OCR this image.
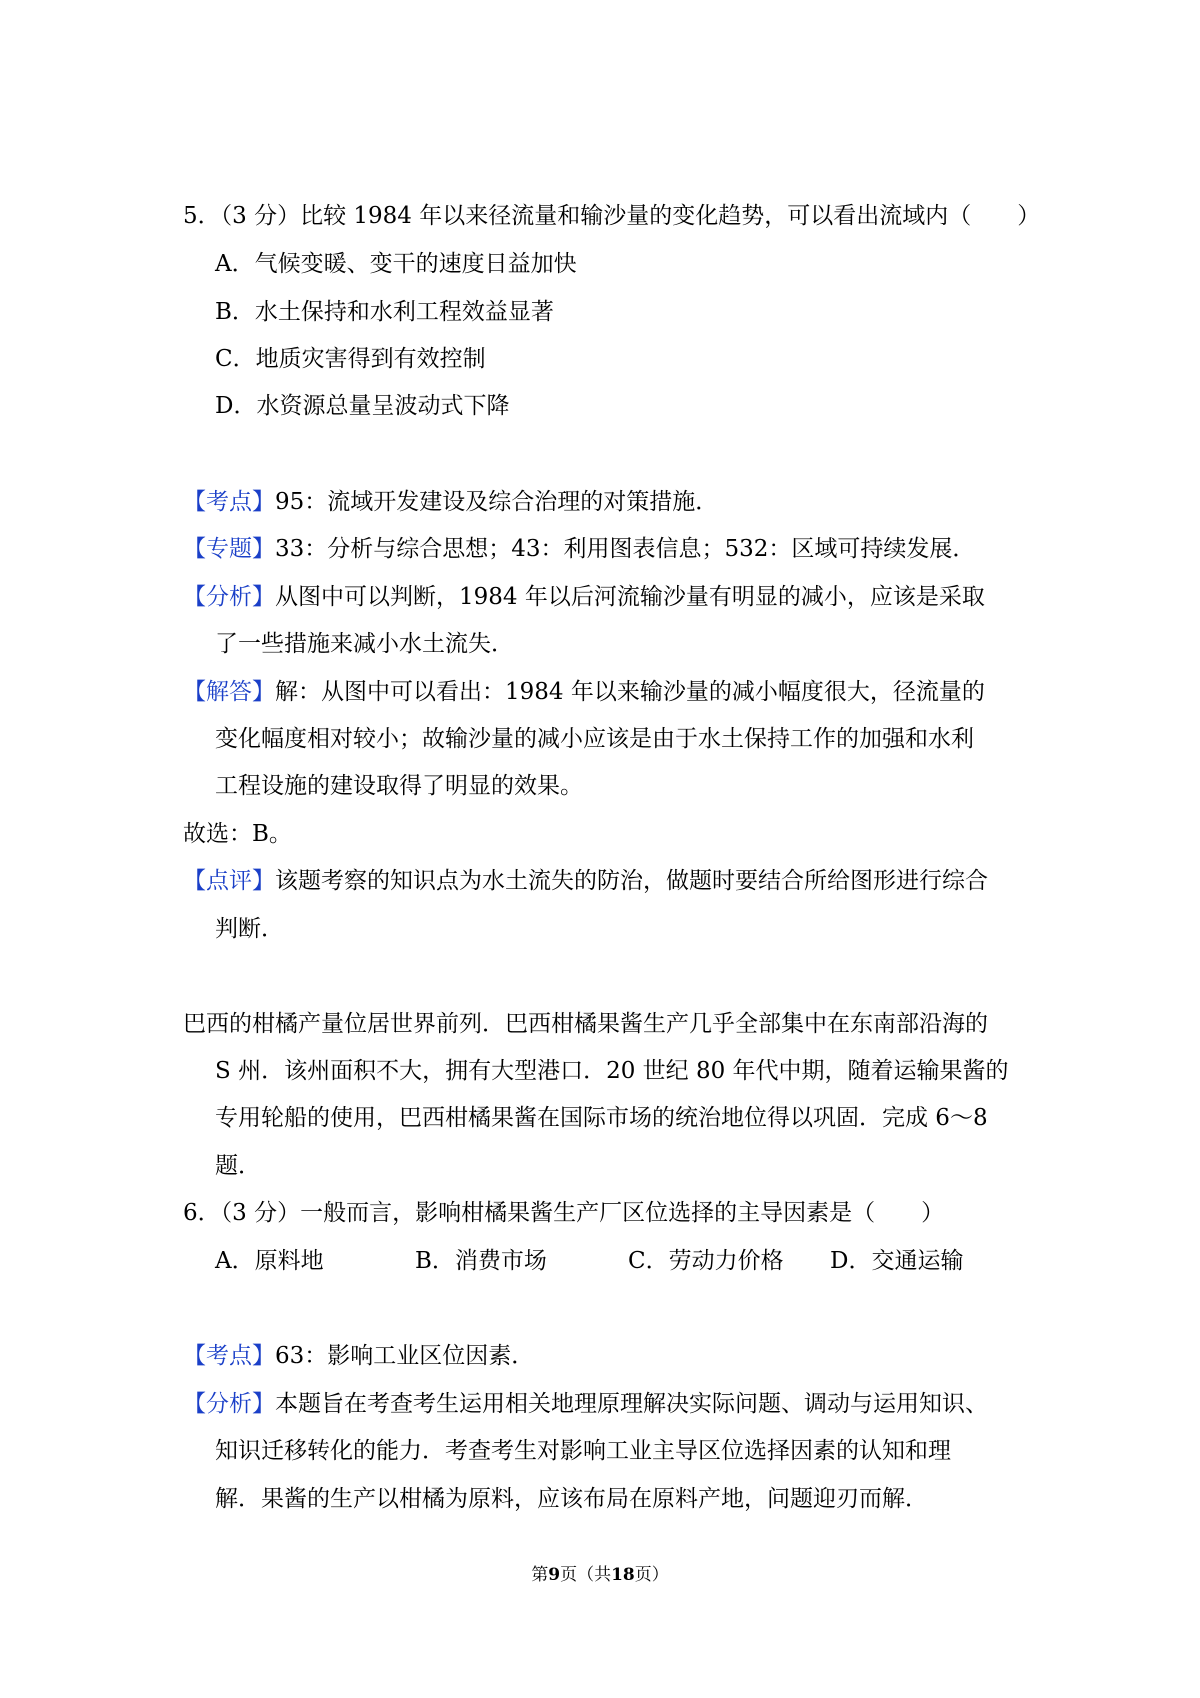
5．（3 分）比较 1984 年以来径流量和输沙量的变化趋势，可以看出流域内（　　）
A．气候变暖、变干的速度日益加快
B．水土保持和水利工程效益显著
C．地质灾害得到有效控制
D．水资源总量呈波动式下降
【考点】95：流域开发建设及综合治理的对策措施．
【专题】33：分析与综合思想；43：利用图表信息；532：区域可持续发展．
【分析】从图中可以判断，1984 年以后河流输沙量有明显的减小，应该是采取
了一些措施来减小水土流失．
【解答】解：从图中可以看出：1984 年以来输沙量的减小幅度很大，径流量的
变化幅度相对较小；故输沙量的减小应该是由于水土保持工作的加强和水利
工程设施的建设取得了明显的效果。
故选：B。
【点评】该题考察的知识点为水土流失的防治，做题时要结合所给图形进行综合
判断．
巴西的柑橘产量位居世界前列．巴西柑橘果酱生产几乎全部集中在东南部沿海的
S 州．该州面积不大，拥有大型港口．20 世纪 80 年代中期，随着运输果酱的
专用轮船的使用，巴西柑橘果酱在国际市场的统治地位得以巩固．完成 6～8
题．
6．（3 分）一般而言，影响柑橘果酱生产厂区位选择的主导因素是（　　）
A．原料地	B．消费市场	C．劳动力价格 D．交通运输
【考点】63：影响工业区位因素．
【分析】本题旨在考查考生运用相关地理原理解决实际问题、调动与运用知识、
知识迁移转化的能力．考查考生对影响工业主导区位选择因素的认知和理
解．果酱的生产以柑橘为原料，应该布局在原料产地，问题迎刃而解．
第9页（共18页）
